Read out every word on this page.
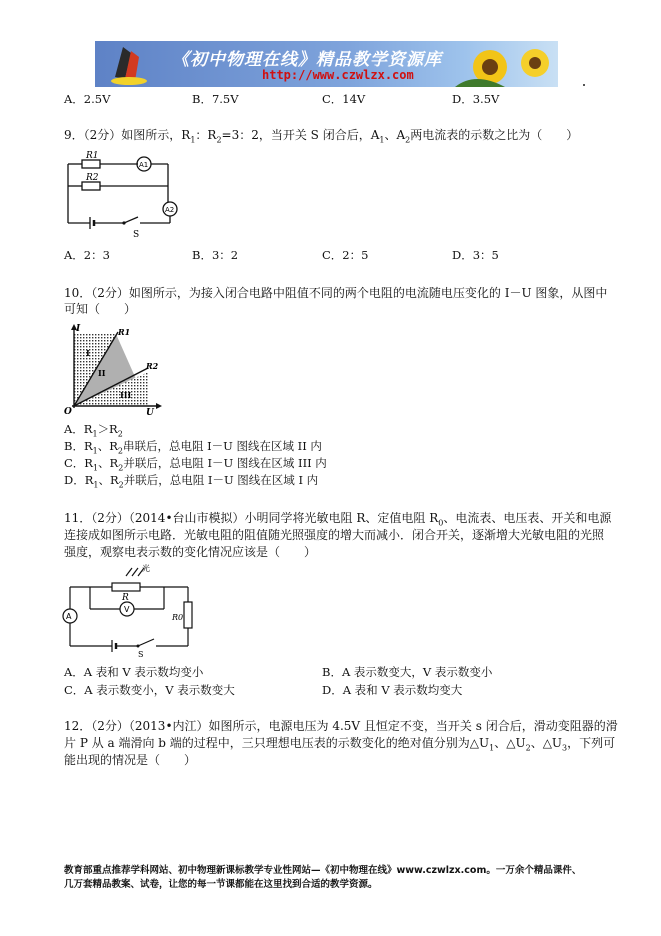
《初中物理在线》精品教学资源库
http://www.czwlzx.com
A．2.5V	B．7.5V	C．14V	D．3.5V
9．（2分）如图所示，$R_1$：$R_2=3$：2，当开关 S 闭合后，$A_1$、$A_2$两电流表的示数之比为（　　）
R1
R2
A1
A2
S
A．2：3	B．3：2	C．2：5	D．3：5
10．（2分）如图所示，为接入闭合电路中阻值不同的两个电阻的电流随电压变化的 I－U 图象，从图中
可知（　　）
I
U
O
R1
R2
I
II
III
A．$R_1>R_2$
B．$R_1$、$R_2$串联后，总电阻 I－U 图线在区域 II 内
C．$R_1$、$R_2$并联后，总电阻 I－U 图线在区域 III 内
D．$R_1$、$R_2$并联后，总电阻 I－U 图线在区域 I 内
11．（2分）（2014•台山市模拟）小明同学将光敏电阻 R、定值电阻 $R_0$、电流表、电压表、开关和电源
连接成如图所示电路．光敏电阻的阻值随光照强度的增大而减小．闭合开关，逐渐增大光敏电阻的光照
强度，观察电表示数的变化情况应该是（　　）
光
R
V
A	R0
S
A．A 表和 V 表示数均变小	B．A 表示数变大，V 表示数变小
C．A 表示数变小，V 表示数变大	D．A 表和 V 表示数均变大
12．（2分）（2013•内江）如图所示，电源电压为 4.5V 且恒定不变，当开关 s 闭合后，滑动变阻器的滑
片 P 从 a 端滑向 b 端的过程中，三只理想电压表的示数变化的绝对值分别为$\triangle U_1$、$\triangle U_2$、$\triangle U_3$，下列可
能出现的情况是（　　）
教育部重点推荐学科网站、初中物理新课标教学专业性网站—《初中物理在线》www.czwlzx.com。一万余个精品课件、
几万套精品教案、试卷，让您的每一节课都能在这里找到合适的教学资源。
